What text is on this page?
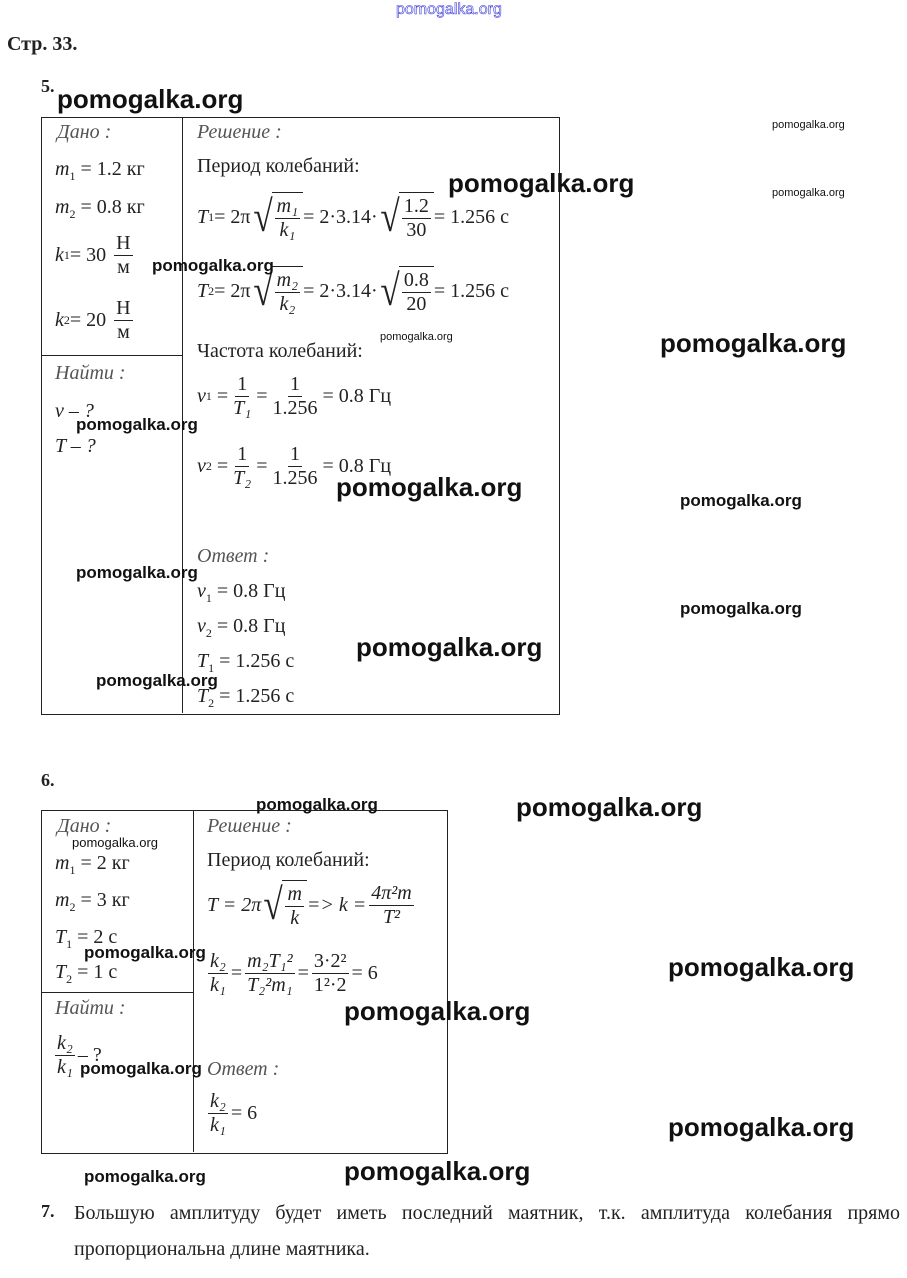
pomogalka.org
Стр. 33.
5.
Дано :
$m_1 = 1.2$ кг
$m_2 = 0.8$ кг
k 1 = 30
$\frac{Н}{м}$
k 2 = 20
$\frac{Н}{м}$
Найти :
ν – ?
T – ?
Решение :
Период колебаний:
T 1 = 2π √ $\frac{\text{m₁}}{\text{k₁}} = 2\cdot 3.14\cdot$ √ $\frac{1.2}{30} = 1.256$ с
T 2 = 2π √ $\frac{\text{m₂}}{\text{k₂}} = 2\cdot 3.14\cdot$ √ $\frac{0.8}{20} = 1.256$ с
Частота колебаний:
ν $1 = \frac{1}{\text{T₁}} = \frac{1}{1.256} = 0.8$ Гц
ν $2 = \frac{1}{\text{T₂}} = \frac{1}{1.256} = 0.8$ Гц
Ответ :
$\nu_1 = 0.8$ Гц
$\nu_2 = 0.8$ Гц
$T_1 = 1.256$ с
$T_2 = 1.256$ с
6.
Дано :
$m_1 = 2$ кг
$m_2 = 3$ кг
$T_1 = 2$ с
$T_2 = 1$ с
Найти :
$\frac{\text{k₂}}{\text{k₁}}$ – ?
Решение :
Период колебаний:
T = 2π √ $\frac{m}{k} => k = \frac{\text{4π²m}}{\text{T²}}$
$\frac{\text{k₂}}{\text{k₁}} = \frac{\text{m₂T₁²}}{\text{T₂²m₁}} = \frac{\text{3·2²}}{\text{1²·2}} = 6$
Ответ :
$\frac{\text{k₂}}{\text{k₁}} = 6$
7. Большую амплитуду будет иметь последний маятник, т.к. амплитуда колебания прямо пропорциональна длине маятника.
pomogalka.org
pomogalka.org
pomogalka.org
pomogalka.org
pomogalka.org
pomogalka.org
pomogalka.org
pomogalka.org
pomogalka.org
pomogalka.org
pomogalka.org
pomogalka.org
pomogalka.org
pomogalka.org
pomogalka.org
pomogalka.org
pomogalka.org
pomogalka.org
pomogalka.org
pomogalka.org
pomogalka.org
pomogalka.org
pomogalka.org
pomogalka.org
